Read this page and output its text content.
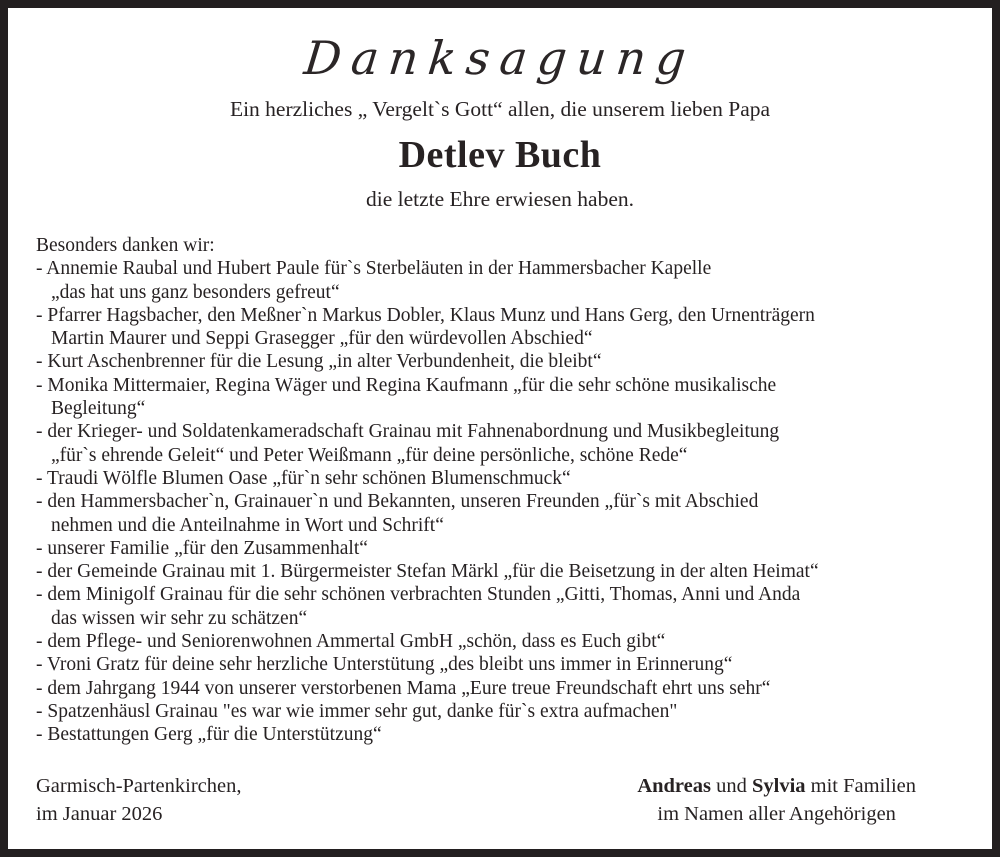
Danksagung
Ein herzliches „ Vergelt`s Gott“ allen, die unserem lieben Papa
Detlev Buch
die letzte Ehre erwiesen haben.
Besonders danken wir:
- Annemie Raubal und Hubert Paule für`s Sterbeläuten in der Hammersbacher Kapelle
„das hat uns ganz besonders gefreut“
- Pfarrer Hagsbacher, den Meßner`n Markus Dobler, Klaus Munz und Hans Gerg, den Urnenträgern
Martin Maurer und Seppi Grasegger „für den würdevollen Abschied“
- Kurt Aschenbrenner für die Lesung „in alter Verbundenheit, die bleibt“
- Monika Mittermaier, Regina Wäger und Regina Kaufmann „für die sehr schöne musikalische
Begleitung“
- der Krieger- und Soldatenkameradschaft Grainau mit Fahnenabordnung und Musikbegleitung
„für`s ehrende Geleit“ und Peter Weißmann „für deine persönliche, schöne Rede“
- Traudi Wölfle Blumen Oase „für`n sehr schönen Blumenschmuck“
- den Hammersbacher`n, Grainauer`n und Bekannten, unseren Freunden „für`s mit Abschied
nehmen und die Anteilnahme in Wort und Schrift“
- unserer Familie „für den Zusammenhalt“
- der Gemeinde Grainau mit 1. Bürgermeister Stefan Märkl „für die Beisetzung in der alten Heimat“
- dem Minigolf Grainau für die sehr schönen verbrachten Stunden „Gitti, Thomas, Anni und Anda
das wissen wir sehr zu schätzen“
- dem Pflege- und Seniorenwohnen Ammertal GmbH „schön, dass es Euch gibt“
- Vroni Gratz für deine sehr herzliche Unterstütung „des bleibt uns immer in Erinnerung“
- dem Jahrgang 1944 von unserer verstorbenen Mama „Eure treue Freundschaft ehrt uns sehr“
- Spatzenhäusl Grainau "es war wie immer sehr gut, danke für`s extra aufmachen"
- Bestattungen Gerg „für die Unterstützung“
Garmisch-Partenkirchen,
im Januar 2026
Andreas und Sylvia mit Familien
im Namen aller Angehörigen
